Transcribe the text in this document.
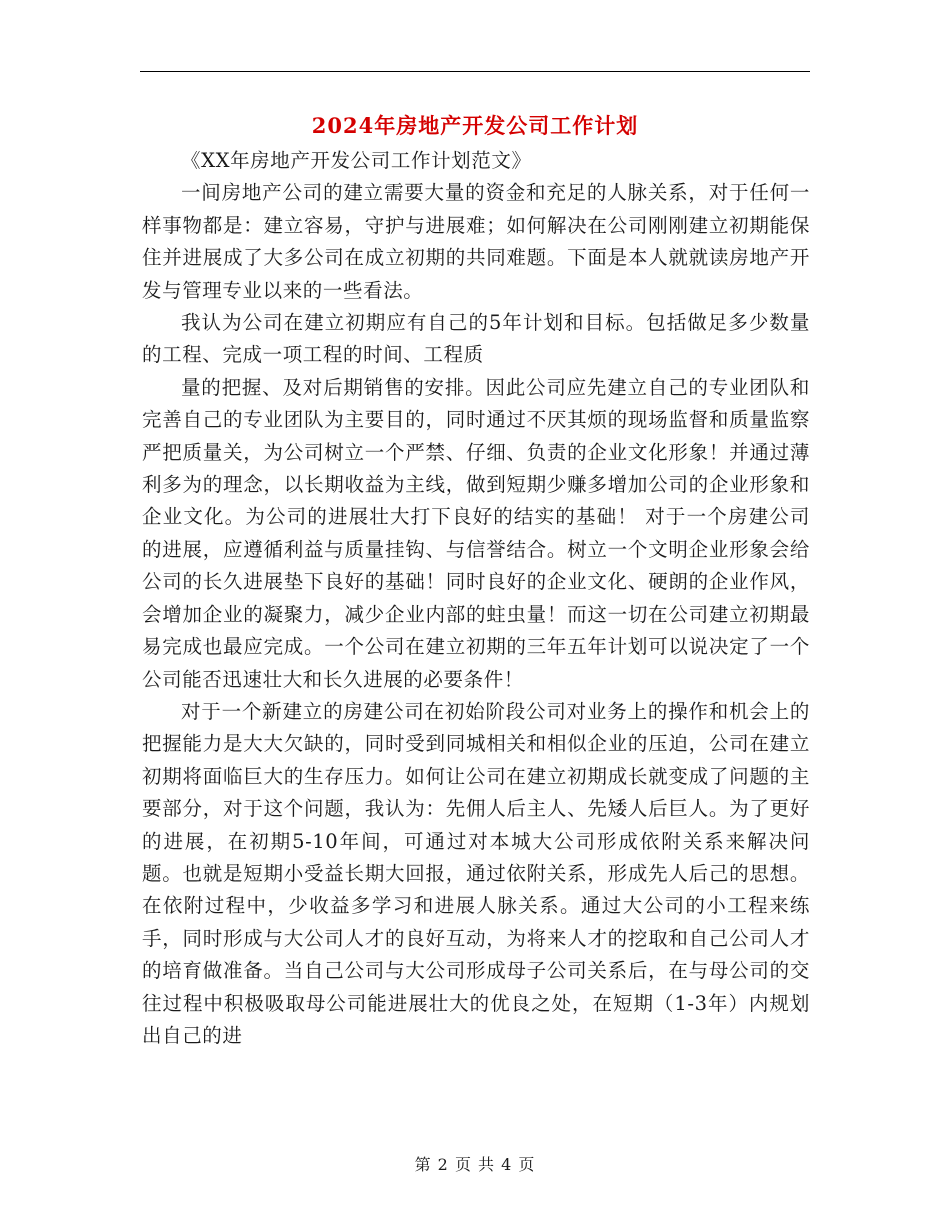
2024年房地产开发公司工作计划

《XX年房地产开发公司工作计划范文》

一间房地产公司的建立需要大量的资金和充足的人脉关系，对于任何一样事物都是：建立容易，守护与进展难；如何解决在公司刚刚建立初期能保住并进展成了大多公司在成立初期的共同难题。下面是本人就就读房地产开发与管理专业以来的一些看法。

我认为公司在建立初期应有自己的5年计划和目标。包括做足多少数量的工程、完成一项工程的时间、工程质

量的把握、及对后期销售的安排。因此公司应先建立自己的专业团队和完善自己的专业团队为主要目的，同时通过不厌其烦的现场监督和质量监察严把质量关，为公司树立一个严禁、仔细、负责的企业文化形象！并通过薄利多为的理念，以长期收益为主线，做到短期少赚多增加公司的企业形象和企业文化。为公司的进展壮大打下良好的结实的基础！ 对于一个房建公司的进展，应遵循利益与质量挂钩、与信誉结合。树立一个文明企业形象会给公司的长久进展垫下良好的基础！同时良好的企业文化、硬朗的企业作风，会增加企业的凝聚力，减少企业内部的蛀虫量！而这一切在公司建立初期最易完成也最应完成。一个公司在建立初期的三年五年计划可以说决定了一个公司能否迅速壮大和长久进展的必要条件！

对于一个新建立的房建公司在初始阶段公司对业务上的操作和机会上的把握能力是大大欠缺的，同时受到同城相关和相似企业的压迫，公司在建立初期将面临巨大的生存压力。如何让公司在建立初期成长就变成了问题的主要部分，对于这个问题，我认为：先佣人后主人、先矮人后巨人。为了更好的进展，在初期5-10年间，可通过对本城大公司形成依附关系来解决问题。也就是短期小受益长期大回报，通过依附关系，形成先人后己的思想。在依附过程中，少收益多学习和进展人脉关系。通过大公司的小工程来练手，同时形成与大公司人才的良好互动，为将来人才的挖取和自己公司人才的培育做准备。当自己公司与大公司形成母子公司关系后，在与母公司的交往过程中积极吸取母公司能进展壮大的优良之处，在短期（1-3年）内规划出自己的进

第 2 页 共 4 页
